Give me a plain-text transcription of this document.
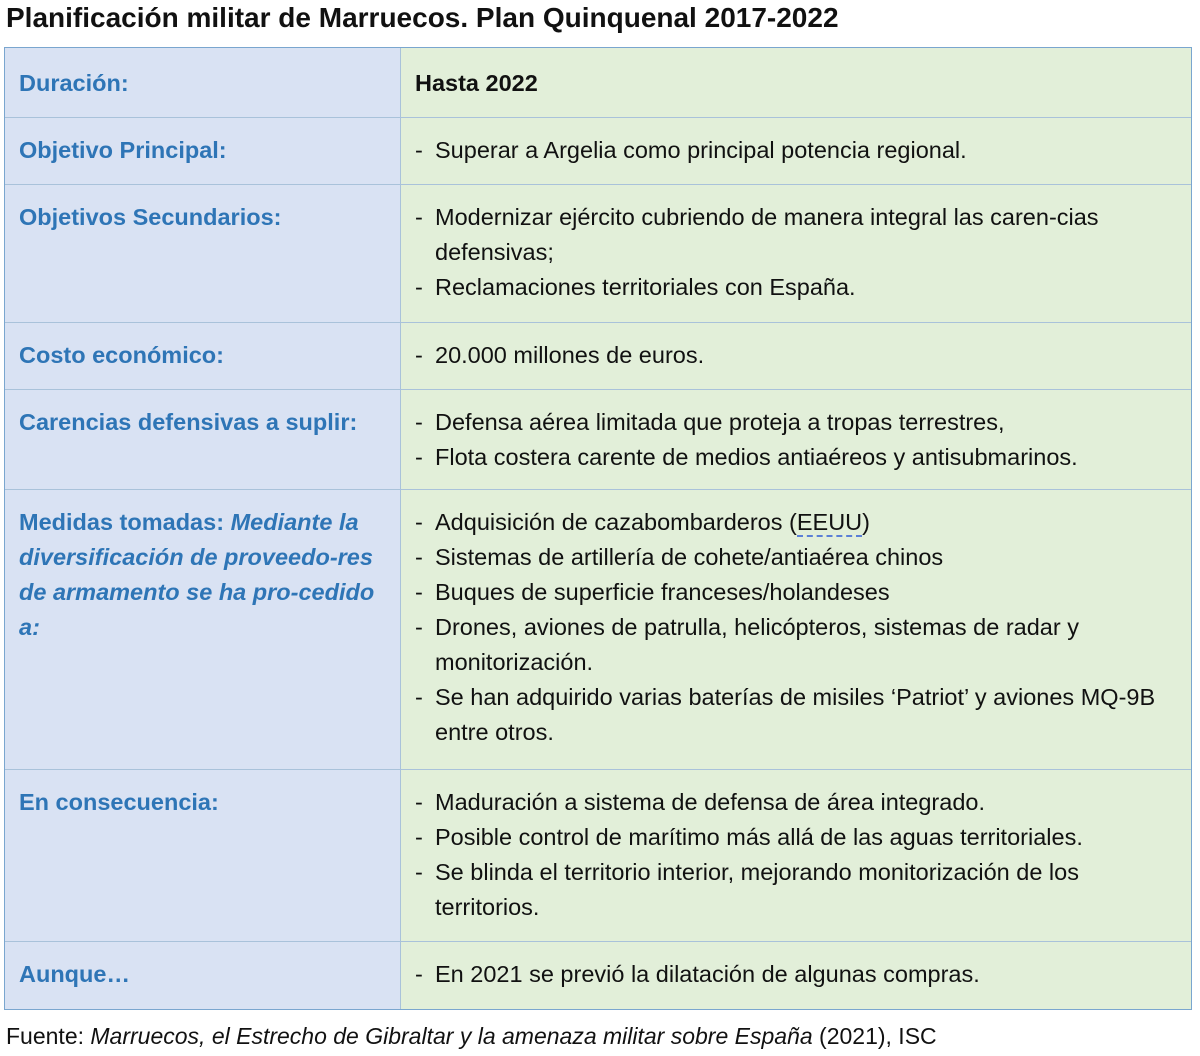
Planificación militar de Marruecos. Plan Quinquenal 2017-2022
Duración:	Hasta 2022
Objetivo Principal:	- Superar a Argelia como principal potencia regional.
Objetivos Secundarios:	- Modernizar ejército cubriendo de manera integral las caren-cias defensivas;
- Reclamaciones territoriales con España.
Costo económico:	- 20.000 millones de euros.
Carencias defensivas a suplir:	- Defensa aérea limitada que proteja a tropas terrestres,
- Flota costera carente de medios antiaéreos y antisubmarinos.
Medidas tomadas: Mediante la diversificación de proveedo-res de armamento se ha pro-cedido a:
- Adquisición de cazabombarderos (EEUU)
- Sistemas de artillería de cohete/antiaérea chinos
- Buques de superficie franceses/holandeses
- Drones, aviones de patrulla, helicópteros, sistemas de radar y monitorización.
- Se han adquirido varias baterías de misiles ‘Patriot’ y aviones MQ-9B entre otros.
En consecuencia:	- Maduración a sistema de defensa de área integrado.
- Posible control de marítimo más allá de las aguas territoriales.
- Se blinda el territorio interior, mejorando monitorización de los territorios.
Aunque…	- En 2021 se previó la dilatación de algunas compras.
Fuente: Marruecos, el Estrecho de Gibraltar y la amenaza militar sobre España (2021), ISC
